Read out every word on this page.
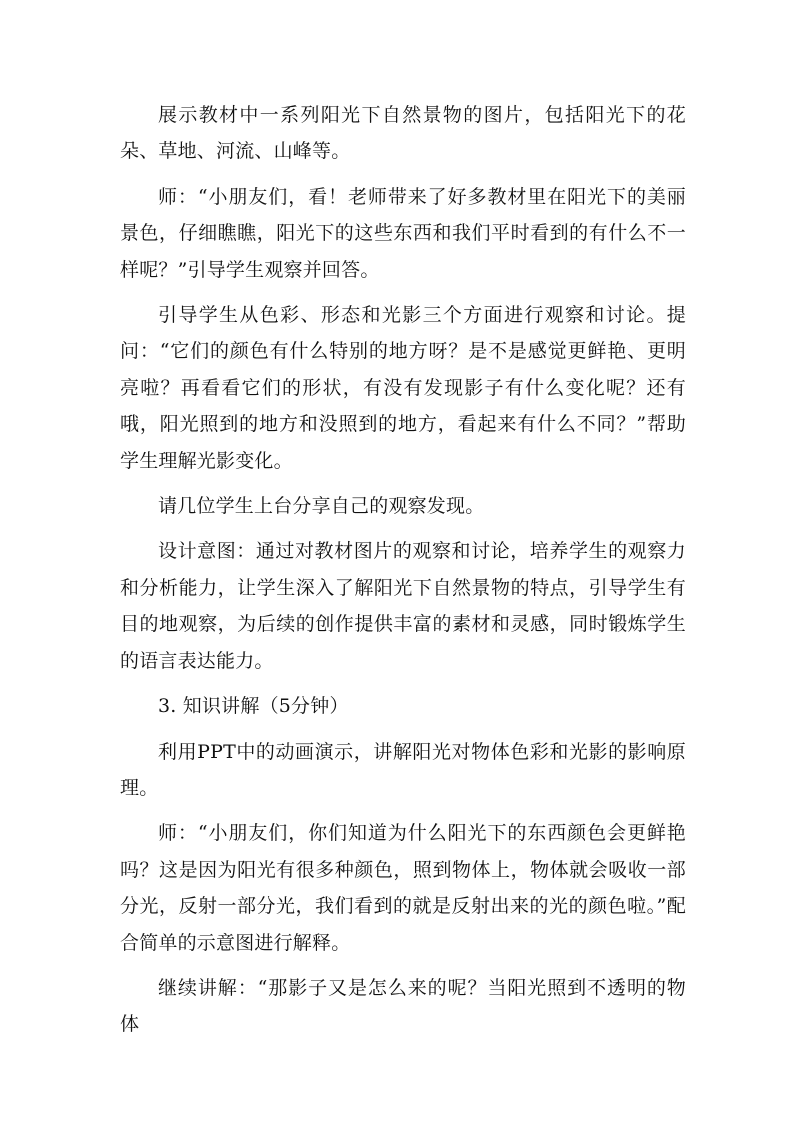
展示教材中一系列阳光下自然景物的图片，包括阳光下的花朵、草地、河流、山峰等。

师：“小朋友们，看！老师带来了好多教材里在阳光下的美丽景色，仔细瞧瞧，阳光下的这些东西和我们平时看到的有什么不一样呢？”引导学生观察并回答。

引导学生从色彩、形态和光影三个方面进行观察和讨论。提问：“它们的颜色有什么特别的地方呀？是不是感觉更鲜艳、更明亮啦？再看看它们的形状，有没有发现影子有什么变化呢？还有哦，阳光照到的地方和没照到的地方，看起来有什么不同？”帮助学生理解光影变化。

请几位学生上台分享自己的观察发现。

设计意图：通过对教材图片的观察和讨论，培养学生的观察力和分析能力，让学生深入了解阳光下自然景物的特点，引导学生有目的地观察，为后续的创作提供丰富的素材和灵感，同时锻炼学生的语言表达能力。

3. 知识讲解（5分钟）

利用PPT中的动画演示，讲解阳光对物体色彩和光影的影响原理。

师：“小朋友们，你们知道为什么阳光下的东西颜色会更鲜艳吗？这是因为阳光有很多种颜色，照到物体上，物体就会吸收一部分光，反射一部分光，我们看到的就是反射出来的光的颜色啦。”配合简单的示意图进行解释。

继续讲解：“那影子又是怎么来的呢？当阳光照到不透明的物体
